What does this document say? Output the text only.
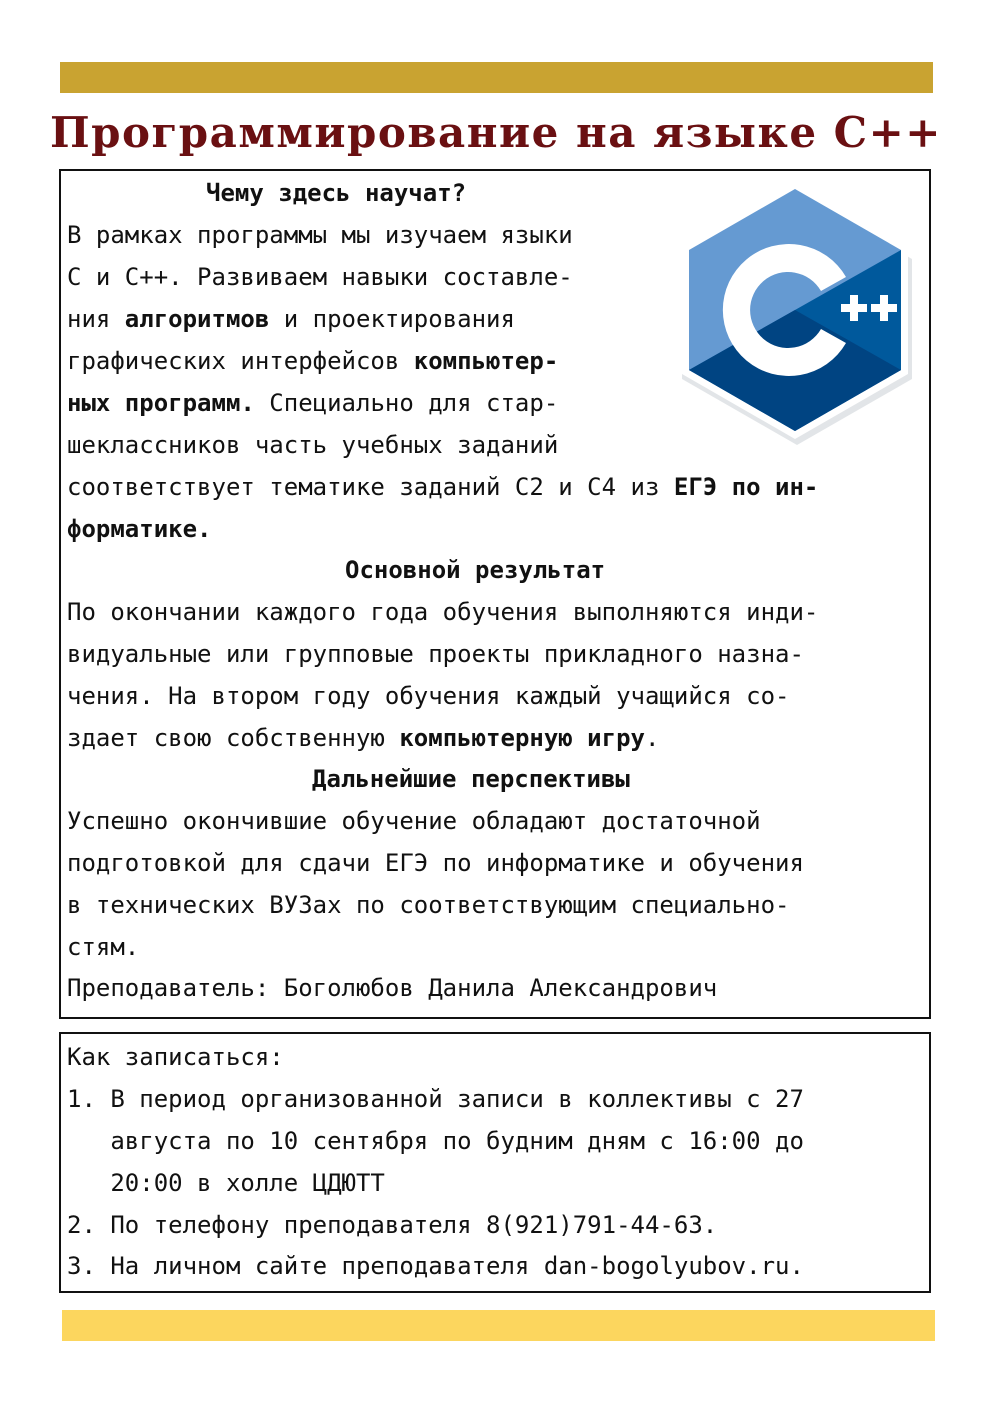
Программирование на языке С++
Чему здесь научат?
В рамках программы мы изучаем языки
С и С++. Развиваем навыки составле-
ния алгоритмов и проектирования
графических интерфейсов компьютер-
ных программ. Специально для стар-
шеклассников часть учебных заданий
соответствует тематике заданий С2 и С4 из ЕГЭ по ин-
форматике.
Основной результат
По окончании каждого года обучения выполняются инди-
видуальные или групповые проекты прикладного назна-
чения. На втором году обучения каждый учащийся со-
здает свою собственную компьютерную игру.
Дальнейшие перспективы
Успешно окончившие обучение обладают достаточной
подготовкой для сдачи ЕГЭ по информатике и обучения
в технических ВУЗах по соответствующим специально-
стям.
Преподаватель: Боголюбов Данила Александрович
Как записаться:
1. В период организованной записи в коллективы с 27
августа по 10 сентября по будним дням с 16:00 до
20:00 в холле ЦДЮТТ
2. По телефону преподавателя 8(921)791-44-63.
3. На личном сайте преподавателя dan-bogolyubov.ru.
